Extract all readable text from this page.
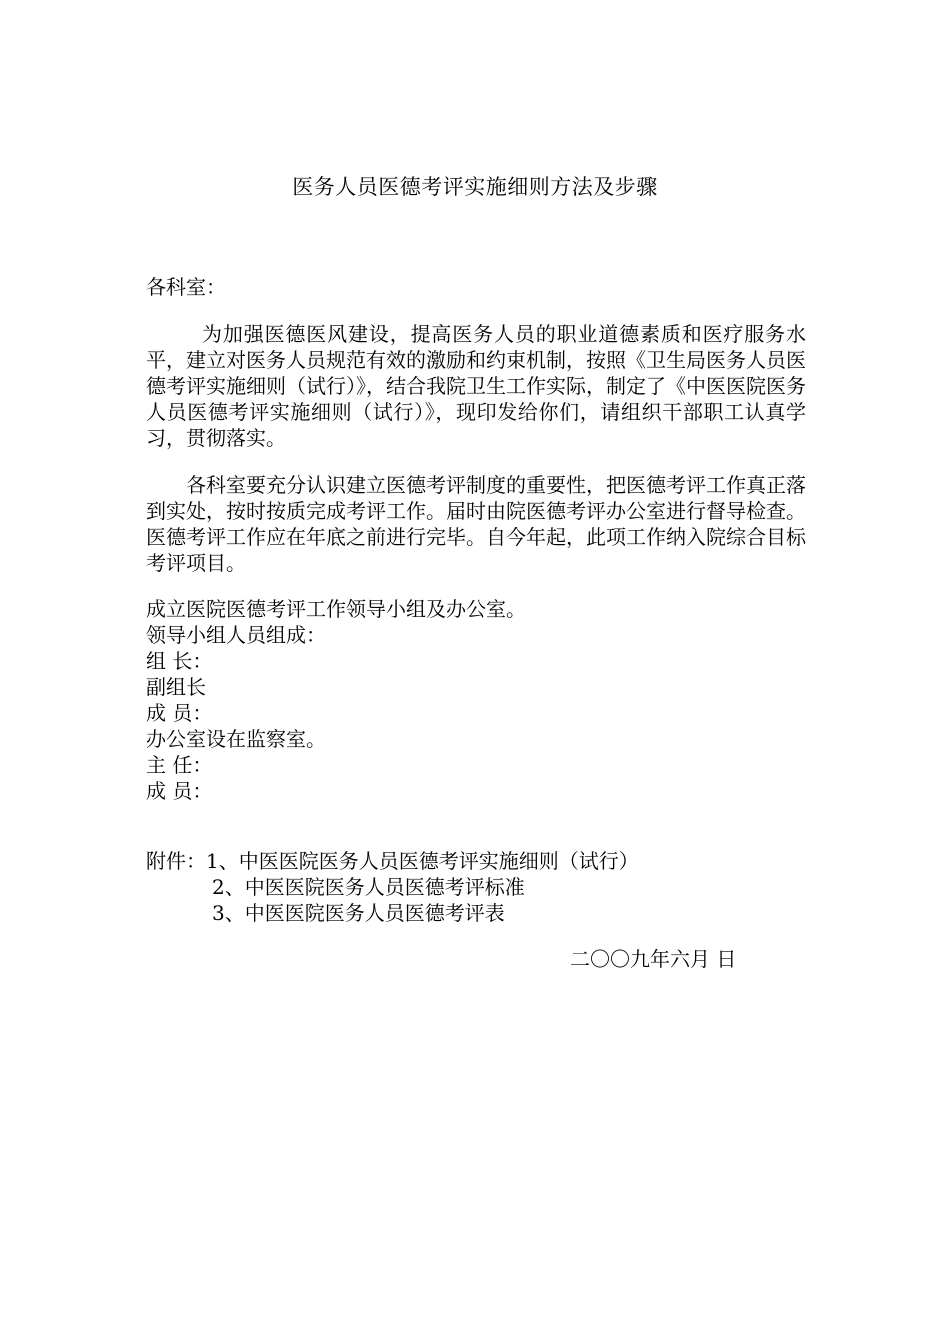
医务人员医德考评实施细则方法及步骤
各科室：
为加强医德医风建设，提高医务人员的职业道德素质和医疗服务水平，建立对医务人员规范有效的激励和约束机制，按照《卫生局医务人员医德考评实施细则（试行）》，结合我院卫生工作实际，制定了《中医医院医务人员医德考评实施细则（试行）》，现印发给你们，请组织干部职工认真学习，贯彻落实。
各科室要充分认识建立医德考评制度的重要性，把医德考评工作真正落到实处，按时按质完成考评工作。届时由院医德考评办公室进行督导检查。医德考评工作应在年底之前进行完毕。自今年起，此项工作纳入院综合目标考评项目。
成立医院医德考评工作领导小组及办公室。
领导小组人员组成：
组 长：
副组长
成 员：
办公室设在监察室。
主 任：
成 员：
附件：1、中医医院医务人员医德考评实施细则（试行）
2、中医医院医务人员医德考评标准
3、中医医院医务人员医德考评表
二〇〇九年六月 日
